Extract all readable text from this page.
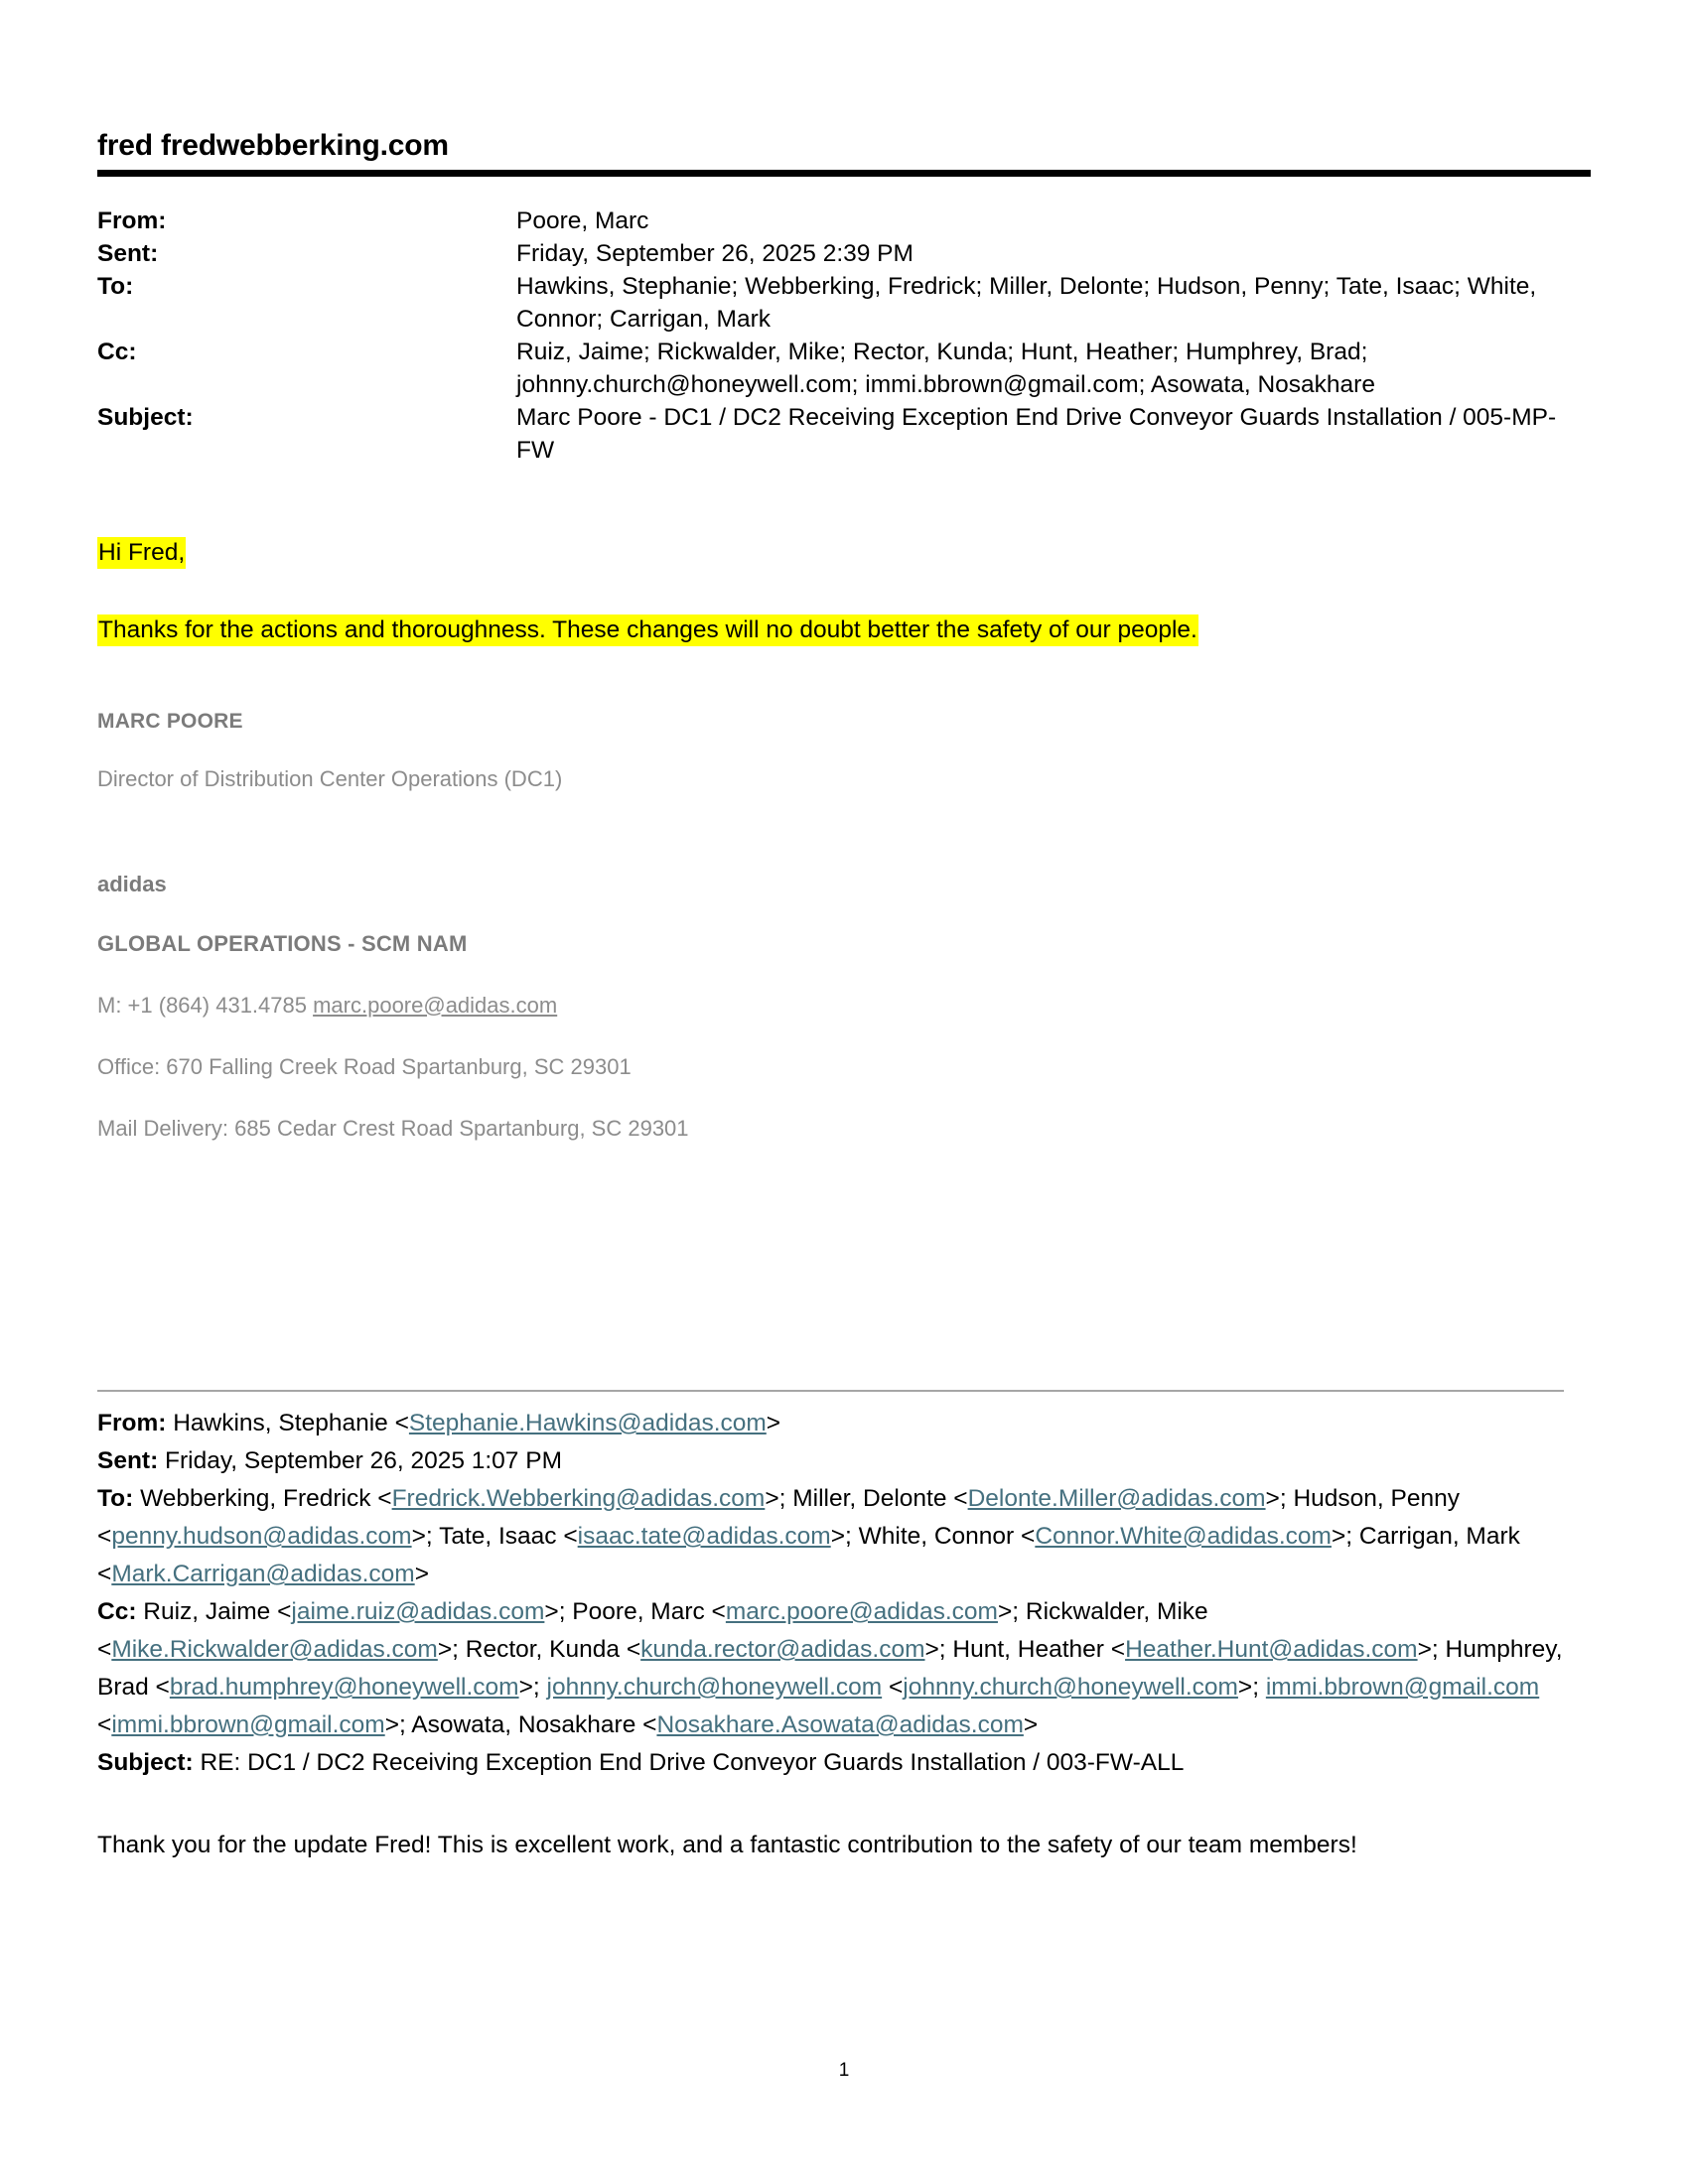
fred fredwebberking.com
From:	Poore, Marc
Sent:	Friday, September 26, 2025 2:39 PM
To:	Hawkins, Stephanie; Webberking, Fredrick; Miller, Delonte; Hudson, Penny; Tate, Isaac; White, Connor; Carrigan, Mark
Cc:	Ruiz, Jaime; Rickwalder, Mike; Rector, Kunda; Hunt, Heather; Humphrey, Brad; johnny.church@honeywell.com; immi.bbrown@gmail.com; Asowata, Nosakhare
Subject:	Marc Poore - DC1 / DC2 Receiving Exception End Drive Conveyor Guards Installation / 005-MP-FW
Hi Fred,
Thanks for the actions and thoroughness. These changes will no doubt better the safety of our people.
MARC POORE
Director of Distribution Center Operations (DC1)
adidas
GLOBAL OPERATIONS - SCM NAM
M: +1 (864) 431.4785 marc.poore@adidas.com
Office: 670 Falling Creek Road Spartanburg, SC 29301
Mail Delivery: 685 Cedar Crest Road Spartanburg, SC 29301
From: Hawkins, Stephanie <Stephanie.Hawkins@adidas.com>
Sent: Friday, September 26, 2025 1:07 PM
To: Webberking, Fredrick <Fredrick.Webberking@adidas.com>; Miller, Delonte <Delonte.Miller@adidas.com>; Hudson, Penny <penny.hudson@adidas.com>; Tate, Isaac <isaac.tate@adidas.com>; White, Connor <Connor.White@adidas.com>; Carrigan, Mark <Mark.Carrigan@adidas.com>
Cc: Ruiz, Jaime <jaime.ruiz@adidas.com>; Poore, Marc <marc.poore@adidas.com>; Rickwalder, Mike <Mike.Rickwalder@adidas.com>; Rector, Kunda <kunda.rector@adidas.com>; Hunt, Heather <Heather.Hunt@adidas.com>; Humphrey, Brad <brad.humphrey@honeywell.com>; johnny.church@honeywell.com <johnny.church@honeywell.com>; immi.bbrown@gmail.com <immi.bbrown@gmail.com>; Asowata, Nosakhare <Nosakhare.Asowata@adidas.com>
Subject: RE: DC1 / DC2 Receiving Exception End Drive Conveyor Guards Installation / 003-FW-ALL
Thank you for the update Fred! This is excellent work, and a fantastic contribution to the safety of our team members!
1
